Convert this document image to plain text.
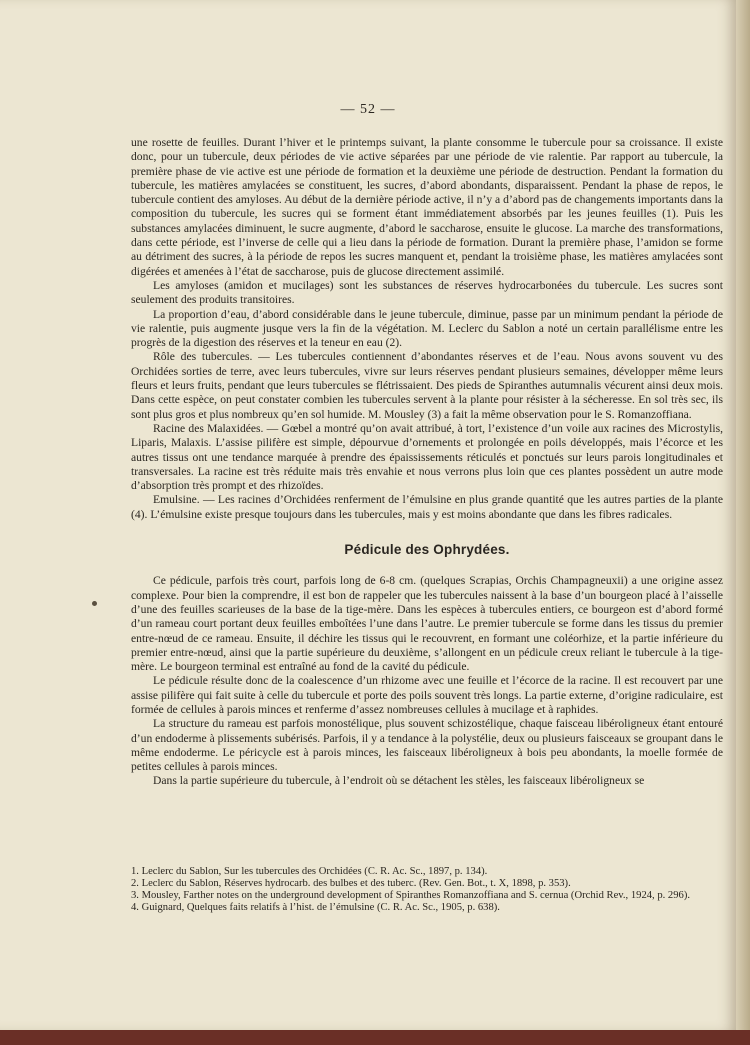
— 52 —

une rosette de feuilles. Durant l’hiver et le printemps suivant, la plante consomme le tubercule pour sa croissance. Il existe donc, pour un tubercule, deux périodes de vie active séparées par une période de vie ralentie. Par rapport au tubercule, la première phase de vie active est une période de formation et la deuxième une période de destruction. Pendant la formation du tubercule, les matières amylacées se constituent, les sucres, d’abord abondants, disparaissent. Pendant la phase de repos, le tubercule contient des amyloses. Au début de la dernière période active, il n’y a d’abord pas de changements importants dans la composition du tubercule, les sucres qui se forment étant immédiatement absorbés par les jeunes feuilles (1). Puis les substances amylacées diminuent, le sucre augmente, d’abord le saccharose, ensuite le glucose. La marche des transformations, dans cette période, est l’inverse de celle qui a lieu dans la période de formation. Durant la première phase, l’amidon se forme au détriment des sucres, à la période de repos les sucres manquent et, pendant la troisième phase, les matières amylacées sont digérées et amenées à l’état de saccharose, puis de glucose directement assimilé.

Les amyloses (amidon et mucilages) sont les substances de réserves hydrocarbonées du tubercule. Les sucres sont seulement des produits transitoires.

La proportion d’eau, d’abord considérable dans le jeune tubercule, diminue, passe par un minimum pendant la période de vie ralentie, puis augmente jusque vers la fin de la végétation. M. Leclerc du Sablon a noté un certain parallélisme entre les progrès de la digestion des réserves et la teneur en eau (2).

Rôle des tubercules. — Les tubercules contiennent d’abondantes réserves et de l’eau. Nous avons souvent vu des Orchidées sorties de terre, avec leurs tubercules, vivre sur leurs réserves pendant plusieurs semaines, développer même leurs fleurs et leurs fruits, pendant que leurs tubercules se flétrissaient. Des pieds de Spiranthes autumnalis vécurent ainsi deux mois. Dans cette espèce, on peut constater combien les tubercules servent à la plante pour résister à la sécheresse. En sol très sec, ils sont plus gros et plus nombreux qu’en sol humide. M. Mousley (3) a fait la même observation pour le S. Romanzoffiana.

Racine des Malaxidées. — Gœbel a montré qu’on avait attribué, à tort, l’existence d’un voile aux racines des Microstylis, Liparis, Malaxis. L’assise pilifère est simple, dépourvue d’ornements et prolongée en poils développés, mais l’écorce et les autres tissus ont une tendance marquée à prendre des épaississements réticulés et ponctués sur leurs parois longitudinales et transversales. La racine est très réduite mais très envahie et nous verrons plus loin que ces plantes possèdent un autre mode d’absorption très prompt et des rhizoïdes.

Emulsine. — Les racines d’Orchidées renferment de l’émulsine en plus grande quantité que les autres parties de la plante (4). L’émulsine existe presque toujours dans les tubercules, mais y est moins abondante que dans les fibres radicales.

Pédicule des Ophrydées.

Ce pédicule, parfois très court, parfois long de 6-8 cm. (quelques Scrapias, Orchis Champagneuxii) a une origine assez complexe. Pour bien la comprendre, il est bon de rappeler que les tubercules naissent à la base d’un bourgeon placé à l’aisselle d’une des feuilles scarieuses de la base de la tige-mère. Dans les espèces à tubercules entiers, ce bourgeon est d’abord formé d’un rameau court portant deux feuilles emboîtées l’une dans l’autre. Le premier tubercule se forme dans les tissus du premier entre-nœud de ce rameau. Ensuite, il déchire les tissus qui le recouvrent, en formant une coléorhize, et la partie inférieure du premier entre-nœud, ainsi que la partie supérieure du deuxième, s’allongent en un pédicule creux reliant le tubercule à la tige-mère. Le bourgeon terminal est entraîné au fond de la cavité du pédicule.

Le pédicule résulte donc de la coalescence d’un rhizome avec une feuille et l’écorce de la racine. Il est recouvert par une assise pilifère qui fait suite à celle du tubercule et porte des poils souvent très longs. La partie externe, d’origine radiculaire, est formée de cellules à parois minces et renferme d’assez nombreuses cellules à mucilage et à raphides.

La structure du rameau est parfois monostélique, plus souvent schizostélique, chaque faisceau libéroligneux étant entouré d’un endoderme à plissements subérisés. Parfois, il y a tendance à la polystélie, deux ou plusieurs faisceaux se groupant dans le même endoderme. Le péricycle est à parois minces, les faisceaux libéroligneux à bois peu abondants, la moelle formée de petites cellules à parois minces.

Dans la partie supérieure du tubercule, à l’endroit où se détachent les stèles, les faisceaux libéroligneux se

1. Leclerc du Sablon, Sur les tubercules des Orchidées (C. R. Ac. Sc., 1897, p. 134).
2. Leclerc du Sablon, Réserves hydrocarb. des bulbes et des tuberc. (Rev. Gen. Bot., t. X, 1898, p. 353).
3. Mousley, Farther notes on the underground development of Spiranthes Romanzoffiana and S. cernua (Orchid Rev., 1924, p. 296).
4. Guignard, Quelques faits relatifs à l’hist. de l’émulsine (C. R. Ac. Sc., 1905, p. 638).
